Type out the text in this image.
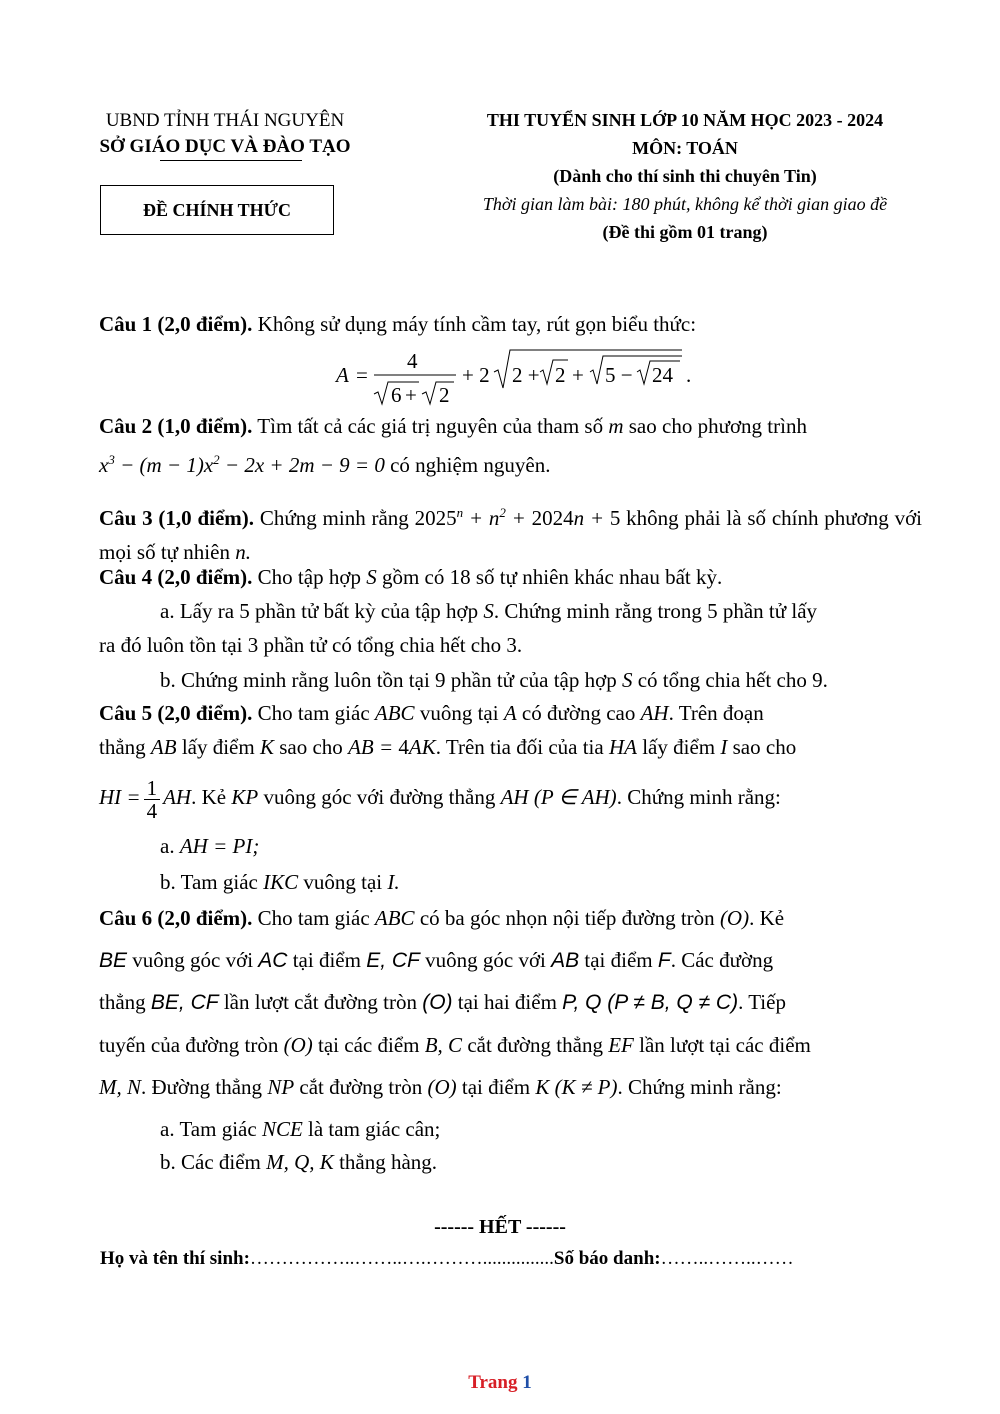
UBND TỈNH THÁI NGUYÊN
SỞ GIÁO DỤC VÀ ĐÀO TẠO
ĐỀ CHÍNH THỨC
THI TUYỂN SINH LỚP 10 NĂM HỌC 2023 - 2024
MÔN: TOÁN
(Dành cho thí sinh thi chuyên Tin)
Thời gian làm bài: 180 phút, không kể thời gian giao đề
(Đề thi gồm 01 trang)
Câu 1 (2,0 điểm). Không sử dụng máy tính cầm tay, rút gọn biểu thức:
A =
4
6 + 2
+ 2 2 + 2 + 5 − 24 .
Câu 2 (1,0 điểm). Tìm tất cả các giá trị nguyên của tham số m sao cho phương trình
$x^3 - (m - 1)x^2 - 2x + 2m - 9 = 0$ có nghiệm nguyên.
Câu 3 (1,0 điểm). Chứng minh rằng $2025^n + n^2 + 2024n + 5$ không phải là số chính phương với mọi số tự nhiên n.
Câu 4 (2,0 điểm). Cho tập hợp S gồm có 18 số tự nhiên khác nhau bất kỳ.
a. Lấy ra 5 phần tử bất kỳ của tập hợp S. Chứng minh rằng trong 5 phần tử lấy
ra đó luôn tồn tại 3 phần tử có tổng chia hết cho 3.
b. Chứng minh rằng luôn tồn tại 9 phần tử của tập hợp S có tổng chia hết cho 9.
Câu 5 (2,0 điểm). Cho tam giác ABC vuông tại A có đường cao AH. Trên đoạn
thẳng AB lấy điểm K sao cho AB = 4AK. Trên tia đối của tia HA lấy điểm I sao cho
HI = $\frac{1}{4}$ AH. Kẻ KP vuông góc với đường thẳng AH (P ∈ AH). Chứng minh rằng:
a. AH = PI;
b. Tam giác IKC vuông tại I.
Câu 6 (2,0 điểm). Cho tam giác ABC có ba góc nhọn nội tiếp đường tròn (O). Kẻ
BE vuông góc với AC tại điểm E, CF vuông góc với AB tại điểm F. Các đường
thẳng BE, CF lần lượt cắt đường tròn (O) tại hai điểm P, Q (P ≠ B, Q ≠ C). Tiếp
tuyến của đường tròn (O) tại các điểm B, C cắt đường thẳng EF lần lượt tại các điểm
M, N. Đường thẳng NP cắt đường tròn (O) tại điểm K (K ≠ P). Chứng minh rằng:
a. Tam giác NCE là tam giác cân;
b. Các điểm M, Q, K thẳng hàng.
------ HẾT ------
Họ và tên thí sinh:……………..……..….………...............Số báo danh:……..……..……
Trang 1
